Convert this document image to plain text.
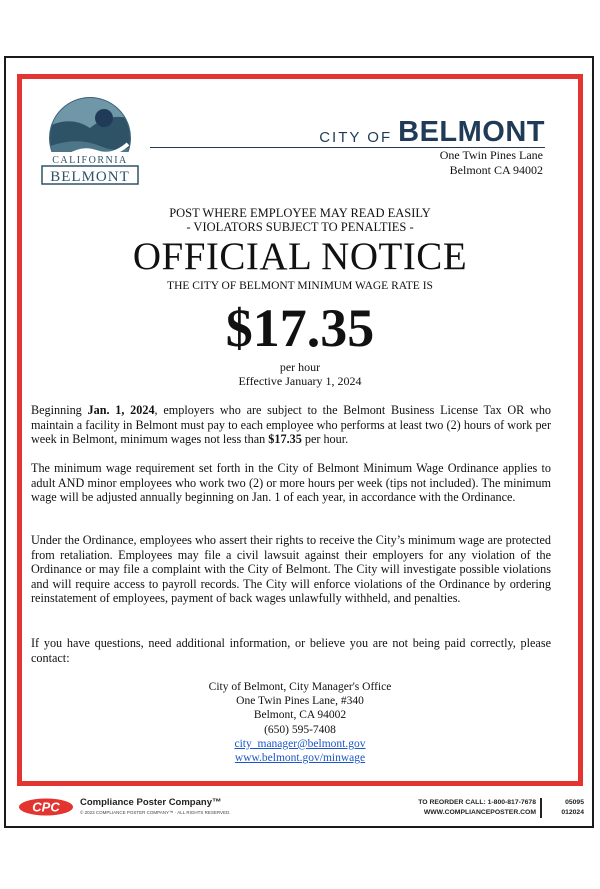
CALIFORNIA
BELMONT
CITY OF BELMONT
One Twin Pines Lane
Belmont CA 94002
POST WHERE EMPLOYEE MAY READ EASILY
- VIOLATORS SUBJECT TO PENALTIES -
OFFICIAL NOTICE
THE CITY OF BELMONT MINIMUM WAGE RATE IS
$17.35
per hour
Effective January 1, 2024

Beginning Jan. 1, 2024, employers who are subject to the Belmont Business License Tax OR who maintain a facility in Belmont must pay to each employee who performs at least two (2) hours of work per week in Belmont, minimum wages not less than $17.35 per hour.

The minimum wage requirement set forth in the City of Belmont Minimum Wage Ordinance applies to adult AND minor employees who work two (2) or more hours per week (tips not included). The minimum wage will be adjusted annually beginning on Jan. 1 of each year, in accordance with the Ordinance.

Under the Ordinance, employees who assert their rights to receive the City’s minimum wage are protected from retaliation. Employees may file a civil lawsuit against their employers for any violation of the Ordinance or may file a complaint with the City of Belmont. The City will investigate possible violations and will require access to payroll records. The City will enforce violations of the Ordinance by ordering reinstatement of employees, payment of back wages unlawfully withheld, and penalties.

If you have questions, need additional information, or believe you are not being paid correctly, please contact:

City of Belmont, City Manager's Office
One Twin Pines Lane, #340
Belmont, CA 94002
(650) 595-7408
city_manager@belmont.gov
www.belmont.gov/minwage
CPC Compliance Poster Company™
© 2023 COMPLIANCE POSTER COMPANY™ · ALL RIGHTS RESERVED.
TO REORDER CALL: 1-800-817-7678
WWW.COMPLIANCEPOSTER.COM
05095
012024
